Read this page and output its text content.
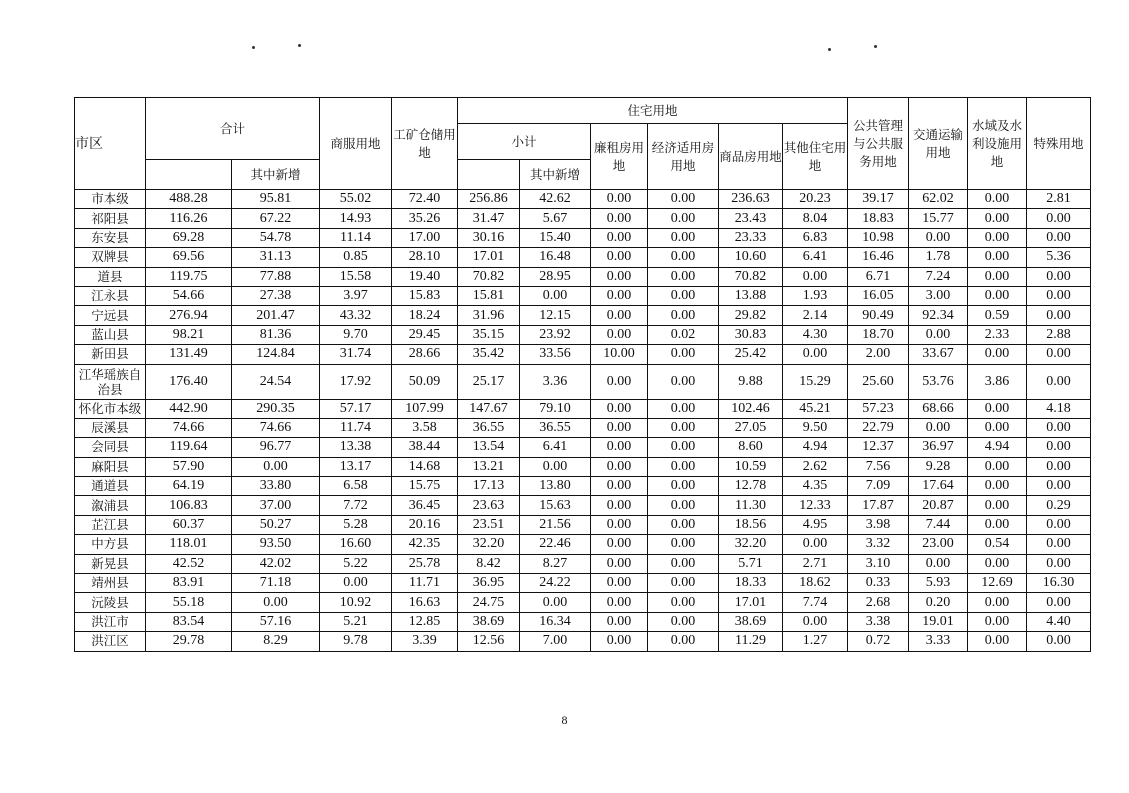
市区	合计		商服用地	工矿仓储用地	住宅用地						公共管理与公共服务用地	交通运输用地	水域及水利设施用地	特殊用地
					小计		廉租房用地	经济适用房用地	商品房用地	其他住宅用地				
		其中新增				其中新增								
市本级	488.28	95.81	55.02	72.40	256.86	42.62	0.00	0.00	236.63	20.23	39.17	62.02	0.00	2.81
祁阳县	116.26	67.22	14.93	35.26	31.47	5.67	0.00	0.00	23.43	8.04	18.83	15.77	0.00	0.00
东安县	69.28	54.78	11.14	17.00	30.16	15.40	0.00	0.00	23.33	6.83	10.98	0.00	0.00	0.00
双牌县	69.56	31.13	0.85	28.10	17.01	16.48	0.00	0.00	10.60	6.41	16.46	1.78	0.00	5.36
道县	119.75	77.88	15.58	19.40	70.82	28.95	0.00	0.00	70.82	0.00	6.71	7.24	0.00	0.00
江永县	54.66	27.38	3.97	15.83	15.81	0.00	0.00	0.00	13.88	1.93	16.05	3.00	0.00	0.00
宁远县	276.94	201.47	43.32	18.24	31.96	12.15	0.00	0.00	29.82	2.14	90.49	92.34	0.59	0.00
蓝山县	98.21	81.36	9.70	29.45	35.15	23.92	0.00	0.02	30.83	4.30	18.70	0.00	2.33	2.88
新田县	131.49	124.84	31.74	28.66	35.42	33.56	10.00	0.00	25.42	0.00	2.00	33.67	0.00	0.00
江华瑶族自治县	176.40	24.54	17.92	50.09	25.17	3.36	0.00	0.00	9.88	15.29	25.60	53.76	3.86	0.00
怀化市本级	442.90	290.35	57.17	107.99	147.67	79.10	0.00	0.00	102.46	45.21	57.23	68.66	0.00	4.18
辰溪县	74.66	74.66	11.74	3.58	36.55	36.55	0.00	0.00	27.05	9.50	22.79	0.00	0.00	0.00
会同县	119.64	96.77	13.38	38.44	13.54	6.41	0.00	0.00	8.60	4.94	12.37	36.97	4.94	0.00
麻阳县	57.90	0.00	13.17	14.68	13.21	0.00	0.00	0.00	10.59	2.62	7.56	9.28	0.00	0.00
通道县	64.19	33.80	6.58	15.75	17.13	13.80	0.00	0.00	12.78	4.35	7.09	17.64	0.00	0.00
溆浦县	106.83	37.00	7.72	36.45	23.63	15.63	0.00	0.00	11.30	12.33	17.87	20.87	0.00	0.29
芷江县	60.37	50.27	5.28	20.16	23.51	21.56	0.00	0.00	18.56	4.95	3.98	7.44	0.00	0.00
中方县	118.01	93.50	16.60	42.35	32.20	22.46	0.00	0.00	32.20	0.00	3.32	23.00	0.54	0.00
新晃县	42.52	42.02	5.22	25.78	8.42	8.27	0.00	0.00	5.71	2.71	3.10	0.00	0.00	0.00
靖州县	83.91	71.18	0.00	11.71	36.95	24.22	0.00	0.00	18.33	18.62	0.33	5.93	12.69	16.30
沅陵县	55.18	0.00	10.92	16.63	24.75	0.00	0.00	0.00	17.01	7.74	2.68	0.20	0.00	0.00
洪江市	83.54	57.16	5.21	12.85	38.69	16.34	0.00	0.00	38.69	0.00	3.38	19.01	0.00	4.40
洪江区	29.78	8.29	9.78	3.39	12.56	7.00	0.00	0.00	11.29	1.27	0.72	3.33	0.00	0.00
8
